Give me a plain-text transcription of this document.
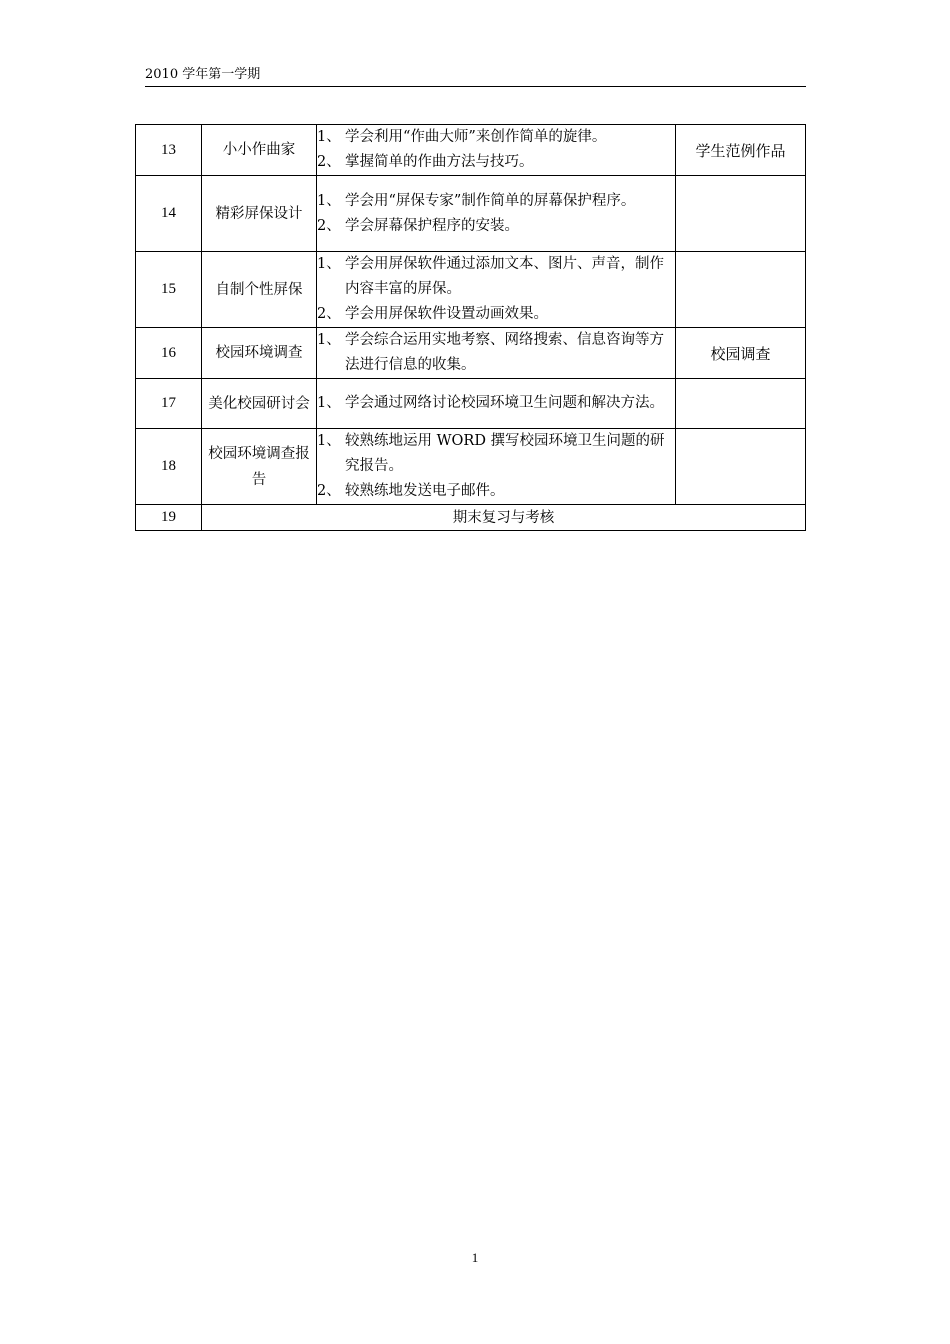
2010 学年第一学期
13	小小作曲家	1、 学会利用“作曲大师”来创作简单的旋律。
2、 掌握简单的作曲方法与技巧。	学生范例作品
14	精彩屏保设计	1、 学会用“屏保专家”制作简单的屏幕保护程序。
2、 学会屏幕保护程序的安装。	

15	自制个性屏保	1、 学会用屏保软件通过添加文本、图片、声音，制作内容丰富的屏保。
2、 学会用屏保软件设置动画效果。	

16	校园环境调查	1、 学会综合运用实地考察、网络搜索、信息咨询等方法进行信息的收集。	校园调查
17	美化校园研讨会	1、 学会通过网络讨论校园环境卫生问题和解决方法。	

18	校园环境调查报告	1、 较熟练地运用 WORD 撰写校园环境卫生问题的研究报告。
2、 较熟练地发送电子邮件。	

19	期末复习与考核		
1
